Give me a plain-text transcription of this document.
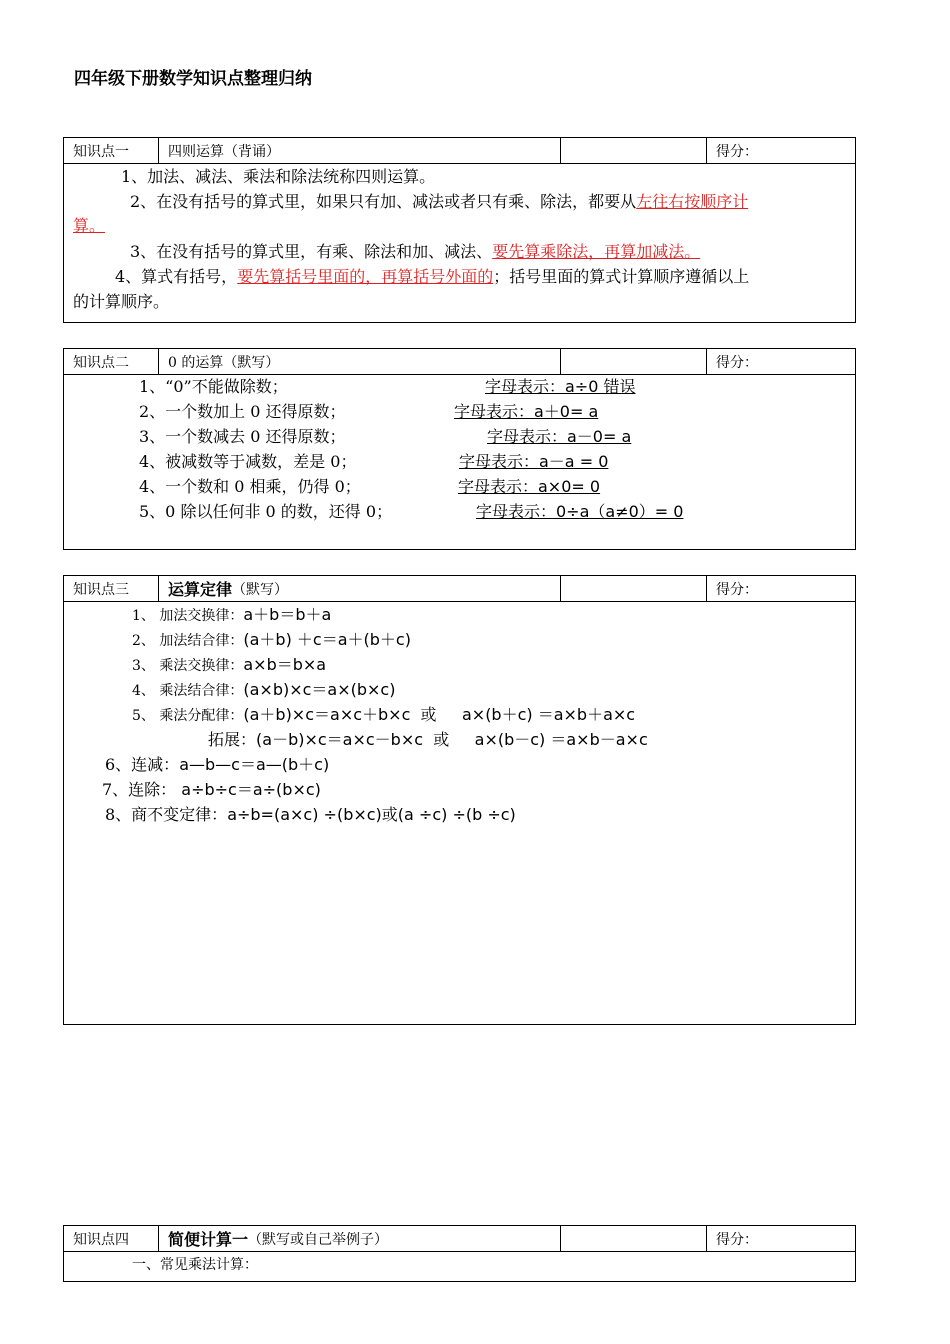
四年级下册数学知识点整理归纳
知识点一	四则运算（背诵）	得分：
1、加法、减法、乘法和除法统称四则运算。
2、在没有括号的算式里，如果只有加、减法或者只有乘、除法，都要从左往右按顺序计
算。
3、在没有括号的算式里，有乘、除法和加、减法、要先算乘除法，再算加减法。
4、算式有括号，要先算括号里面的，再算括号外面的；括号里面的算式计算顺序遵循以上
的计算顺序。
知识点二	0 的运算（默写）	得分：
1、“0”不能做除数；	字母表示：a÷0 错误
2、一个数加上 0 还得原数；	字母表示：a＋0= a
3、一个数减去 0 还得原数；	字母表示：a－0= a
4、被减数等于减数，差是 0；	字母表示：a－a = 0
4、一个数和 0 相乘，仍得 0；	字母表示：a×0= 0
5、0 除以任何非 0 的数，还得 0；	字母表示：0÷a（a≠0）= 0
知识点三	运算定律 （默写）	得分：
1、 加法交换律：a＋b＝b＋a
2、 加法结合律：(a＋b) ＋c＝a＋(b＋c)
3、 乘法交换律：a×b＝b×a
4、 乘法结合律：(a×b)×c＝a×(b×c)
5、 乘法分配律：(a＋b)×c＝a×c＋b×c  或     a×(b＋c) ＝a×b＋a×c
拓展：(a－b)×c＝a×c－b×c  或     a×(b－c) ＝a×b－a×c
6、连减：a—b—c＝a—(b＋c)
7、连除： a÷b÷c＝a÷(b×c)
8、商不变定律：a÷b=(a×c) ÷(b×c)或(a ÷c) ÷(b ÷c)
知识点四	简便计算一 （默写或自己举例子）	得分：
一、常见乘法计算：
